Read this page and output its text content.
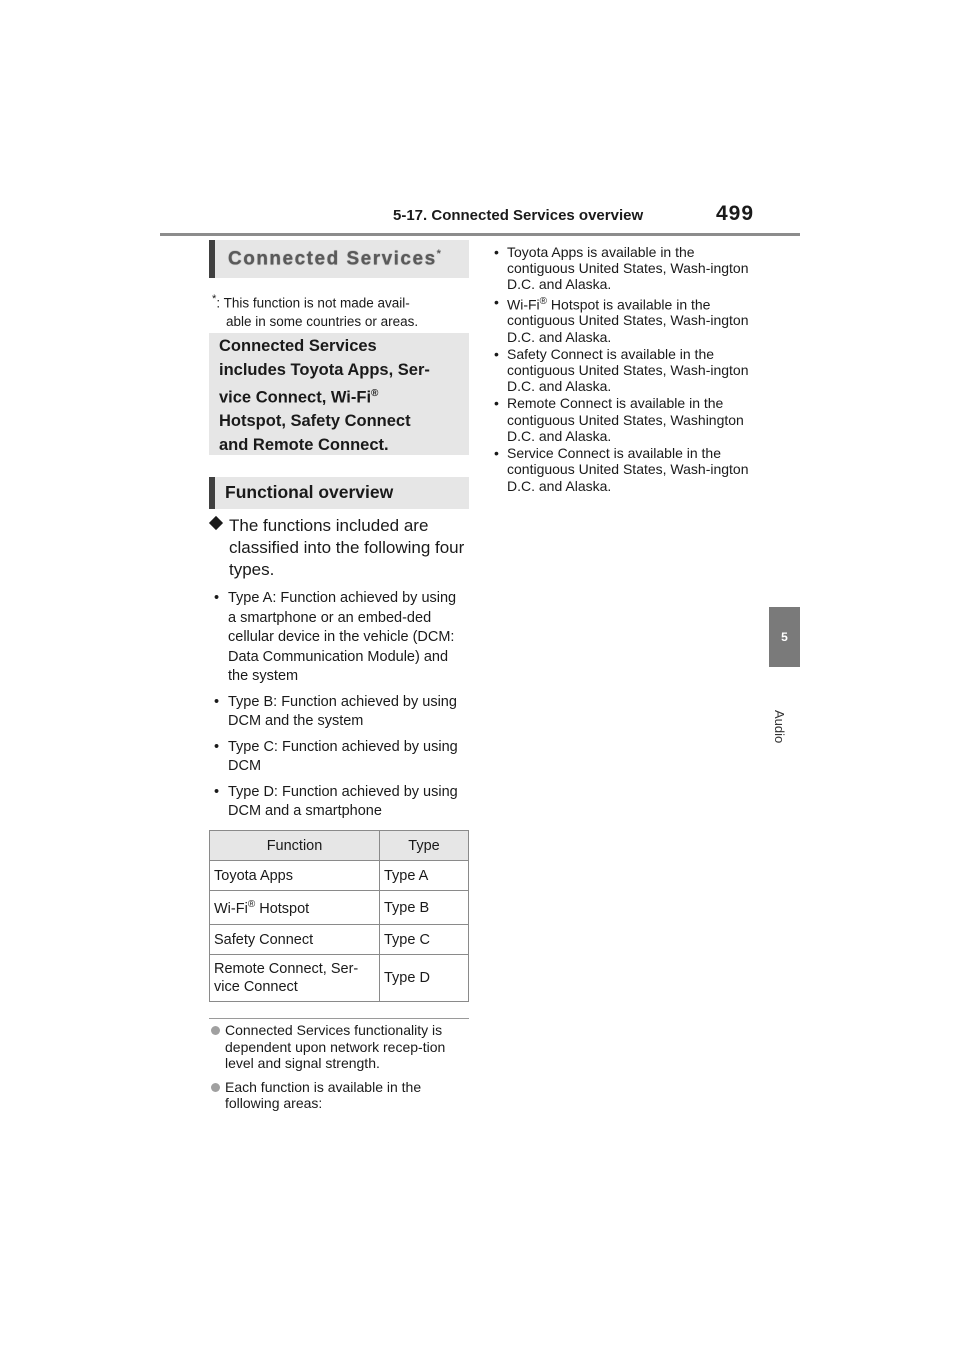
5-17. Connected Services overview	499
5
Audio
Connected Services*
*: This function is not made avail-
able in some countries or areas.
Connected Services
includes Toyota Apps, Ser-
vice Connect, Wi-Fi®
Hotspot, Safety Connect
and Remote Connect.
Functional overview
The functions included are classified into the following four types.
• Type A: Function achieved by using a smartphone or an embed-ded cellular device in the vehicle (DCM: Data Communication Module) and the system
• Type B: Function achieved by using DCM and the system
• Type C: Function achieved by using DCM
• Type D: Function achieved by using DCM and a smartphone
Function	Type
Toyota Apps	Type A
Wi-Fi® Hotspot	Type B
Safety Connect	Type C
Remote Connect, Ser-vice Connect	Type D
Connected Services functionality is dependent upon network recep-tion level and signal strength.
Each function is available in the following areas:
• Toyota Apps is available in the contiguous United States, Wash-ington D.C. and Alaska.
• Wi-Fi® Hotspot is available in the contiguous United States, Wash-ington D.C. and Alaska.
• Safety Connect is available in the contiguous United States, Wash-ington D.C. and Alaska.
• Remote Connect is available in the contiguous United States, Washington D.C. and Alaska.
• Service Connect is available in the contiguous United States, Wash-ington D.C. and Alaska.
